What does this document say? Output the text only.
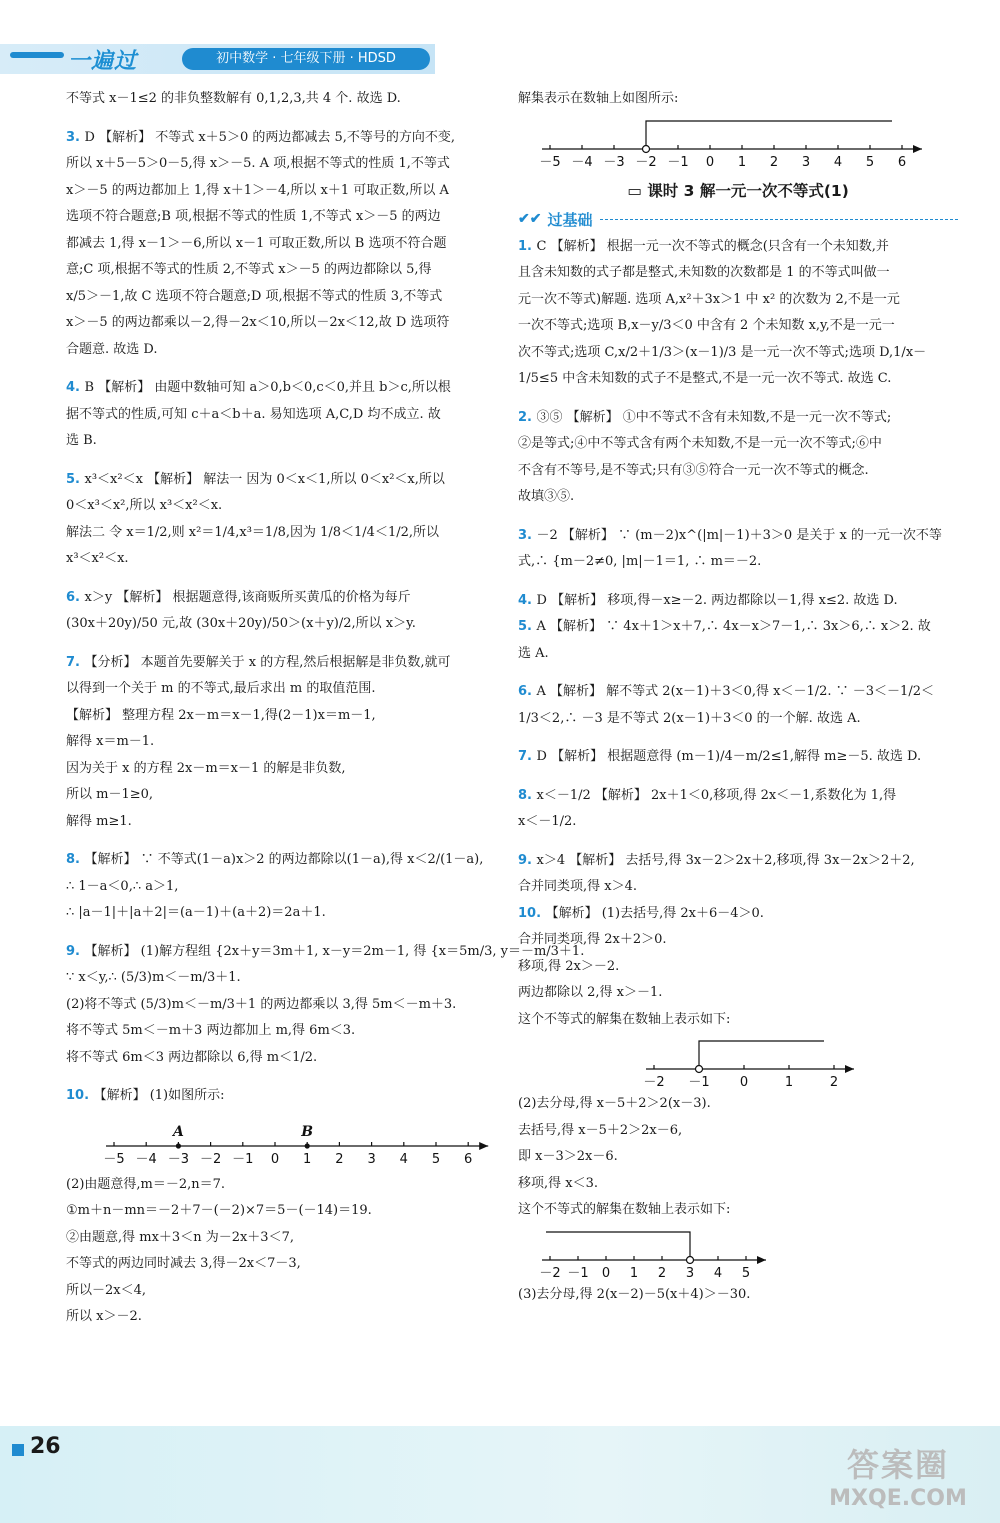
一遍过	初中数学 · 七年级下册 · HDSD

不等式 x－1≤2 的非负整数解有 0,1,2,3,共 4 个. 故选 D.

3. D 【解析】 不等式 x＋5＞0 的两边都减去 5,不等号的方向不变,

所以 x＋5－5＞0－5,得 x＞－5. A 项,根据不等式的性质 1,不等式

x＞－5 的两边都加上 1,得 x＋1＞－4,所以 x＋1 可取正数,所以 A

选项不符合题意;B 项,根据不等式的性质 1,不等式 x＞－5 的两边

都减去 1,得 x－1＞－6,所以 x－1 可取正数,所以 B 选项不符合题

意;C 项,根据不等式的性质 2,不等式 x＞－5 的两边都除以 5,得

x/5＞－1,故 C 选项不符合题意;D 项,根据不等式的性质 3,不等式

x＞－5 的两边都乘以－2,得－2x＜10,所以－2x＜12,故 D 选项符

合题意. 故选 D.

4. B 【解析】 由题中数轴可知 a＞0,b＜0,c＜0,并且 b＞c,所以根

据不等式的性质,可知 c＋a＜b＋a. 易知选项 A,C,D 均不成立. 故

选 B.

5. x³＜x²＜x 【解析】 解法一 因为 0＜x＜1,所以 0＜x²＜x,所以

0＜x³＜x²,所以 x³＜x²＜x.

解法二 令 x＝1/2,则 x²＝1/4,x³＝1/8,因为 1/8＜1/4＜1/2,所以

x³＜x²＜x.

6. x＞y 【解析】 根据题意得,该商贩所买黄瓜的价格为每斤

(30x＋20y)/50 元,故 (30x＋20y)/50＞(x＋y)/2,所以 x＞y.

7. 【分析】 本题首先要解关于 x 的方程,然后根据解是非负数,就可

以得到一个关于 m 的不等式,最后求出 m 的取值范围.

【解析】 整理方程 2x－m＝x－1,得(2－1)x＝m－1,

解得 x＝m－1.

因为关于 x 的方程 2x－m＝x－1 的解是非负数,

所以 m－1≥0,

解得 m≥1.

8. 【解析】 ∵ 不等式(1－a)x＞2 的两边都除以(1－a),得 x＜2/(1－a),

∴ 1－a＜0,∴ a＞1,

∴ |a－1|＋|a＋2|＝(a－1)＋(a＋2)＝2a＋1.

9. 【解析】 (1)解方程组 {2x＋y＝3m＋1, x－y＝2m－1, 得 {x＝5m/3, y＝－m/3＋1.

∵ x＜y,∴ (5/3)m＜－m/3＋1.

(2)将不等式 (5/3)m＜－m/3＋1 的两边都乘以 3,得 5m＜－m＋3.

将不等式 5m＜－m＋3 两边都加上 m,得 6m＜3.

将不等式 6m＜3 两边都除以 6,得 m＜1/2.

10. 【解析】 (1)如图所示:

－5 －4 －3 －2 －1 0 1 2 3 4 5 6
A	B

(2)由题意得,m＝－2,n＝7.

①m＋n－mn＝－2＋7－(－2)×7＝5－(－14)＝19.

②由题意,得 mx＋3＜n 为－2x＋3＜7,

不等式的两边同时减去 3,得－2x＜7－3,

所以－2x＜4,

所以 x＞－2.

解集表示在数轴上如图所示:

－5 －4 －3 －2 －1 0 1 2 3 4 5 6
▭ 课时 3 解一元一次不等式(1)
✔✔ 过基础

1. C 【解析】 根据一元一次不等式的概念(只含有一个未知数,并

且含未知数的式子都是整式,未知数的次数都是 1 的不等式叫做一

元一次不等式)解题. 选项 A,x²＋3x＞1 中 x² 的次数为 2,不是一元

一次不等式;选项 B,x－y/3＜0 中含有 2 个未知数 x,y,不是一元一

次不等式;选项 C,x/2＋1/3＞(x－1)/3 是一元一次不等式;选项 D,1/x－

1/5≤5 中含未知数的式子不是整式,不是一元一次不等式. 故选 C.

2. ③⑤ 【解析】 ①中不等式不含有未知数,不是一元一次不等式;

②是等式;④中不等式含有两个未知数,不是一元一次不等式;⑥中

不含有不等号,是不等式;只有③⑤符合一元一次不等式的概念.

故填③⑤.

3. －2 【解析】 ∵ (m－2)x^(|m|－1)＋3＞0 是关于 x 的一元一次不等

式,∴ {m－2≠0, |m|－1＝1, ∴ m＝－2.

4. D 【解析】 移项,得－x≥－2. 两边都除以－1,得 x≤2. 故选 D.

5. A 【解析】 ∵ 4x＋1＞x＋7,∴ 4x－x＞7－1,∴ 3x＞6,∴ x＞2. 故

选 A.

6. A 【解析】 解不等式 2(x－1)＋3＜0,得 x＜－1/2. ∵ －3＜－1/2＜

1/3＜2,∴ －3 是不等式 2(x－1)＋3＜0 的一个解. 故选 A.

7. D 【解析】 根据题意得 (m－1)/4－m/2≤1,解得 m≥－5. 故选 D.

8. x＜－1/2 【解析】 2x＋1＜0,移项,得 2x＜－1,系数化为 1,得

x＜－1/2.

9. x＞4 【解析】 去括号,得 3x－2＞2x＋2,移项,得 3x－2x＞2＋2,

合并同类项,得 x＞4.

10. 【解析】 (1)去括号,得 2x＋6－4＞0.

合并同类项,得 2x＋2＞0.

移项,得 2x＞－2.

两边都除以 2,得 x＞－1.

这个不等式的解集在数轴上表示如下:

－2 －1 0	1	2

(2)去分母,得 x－5＋2＞2(x－3).

去括号,得 x－5＋2＞2x－6,

即 x－3＞2x－6.

移项,得 x＜3.

这个不等式的解集在数轴上表示如下:

－2 －1 0 1 2 3 4 5

(3)去分母,得 2(x－2)－5(x＋4)＞－30.

26	答案圈
MXQE.COM
